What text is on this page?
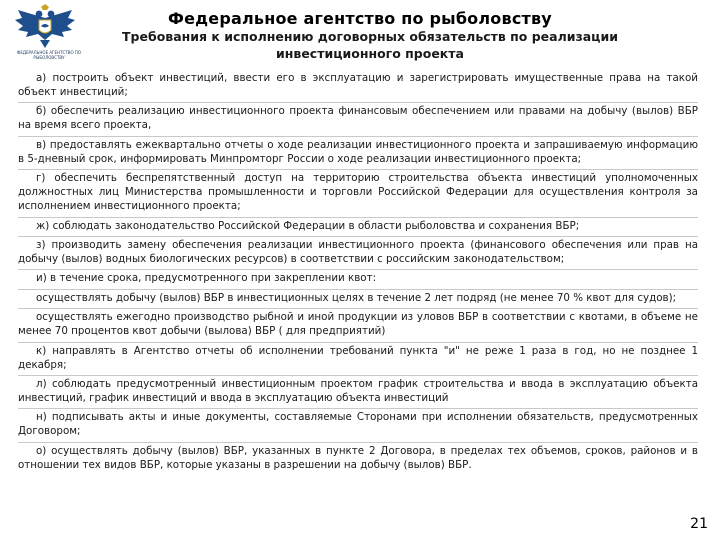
ФЕДЕРАЛЬНОЕ АГЕНТСТВО ПО РЫБОЛОВСТВУ
Федеральное агентство по рыболовству
Требования к исполнению договорных обязательств по реализации
инвестиционного проекта

а) построить объект инвестиций, ввести его в эксплуатацию и зарегистрировать имущественные права на такой объект инвестиций;

б) обеспечить реализацию инвестиционного проекта финансовым обеспечением или правами на добычу (вылов) ВБР на время всего проекта,

в) предоставлять ежеквартально отчеты о ходе реализации инвестиционного проекта и запрашиваемую информацию в 5-дневный срок, информировать Минпромторг России о ходе реализации инвестиционного проекта;

г) обеспечить беспрепятственный доступ на территорию строительства объекта инвестиций уполномоченных должностных лиц Министерства промышленности и торговли Российской Федерации для осуществления контроля за исполнением инвестиционного проекта;

ж) соблюдать законодательство Российской Федерации в области рыболовства и сохранения ВБР;

з) производить замену обеспечения реализации инвестиционного проекта (финансового обеспечения или прав на добычу (вылов) водных биологических ресурсов) в соответствии с российским законодательством;

и) в течение срока, предусмотренного при закреплении квот:

осуществлять добычу (вылов) ВБР в инвестиционных целях в течение 2 лет подряд (не менее 70 % квот для судов);

осуществлять ежегодно производство рыбной и иной продукции из уловов ВБР в соответствии с квотами, в объеме не менее 70 процентов квот добычи (вылова) ВБР ( для предприятий)

к) направлять в Агентство отчеты об исполнении требований пункта "и" не реже 1 раза в год, но не позднее 1 декабря;

л) соблюдать предусмотренный инвестиционным проектом график строительства и ввода в эксплуатацию объекта инвестиций, график инвестиций и ввода в эксплуатацию объекта инвестиций

н) подписывать акты и иные документы, составляемые Сторонами при исполнении обязательств, предусмотренных Договором;

о) осуществлять добычу (вылов) ВБР, указанных в пункте 2 Договора, в пределах тех объемов, сроков, районов и в отношении тех видов ВБР, которые указаны в разрешении на добычу (вылов) ВБР.

21
